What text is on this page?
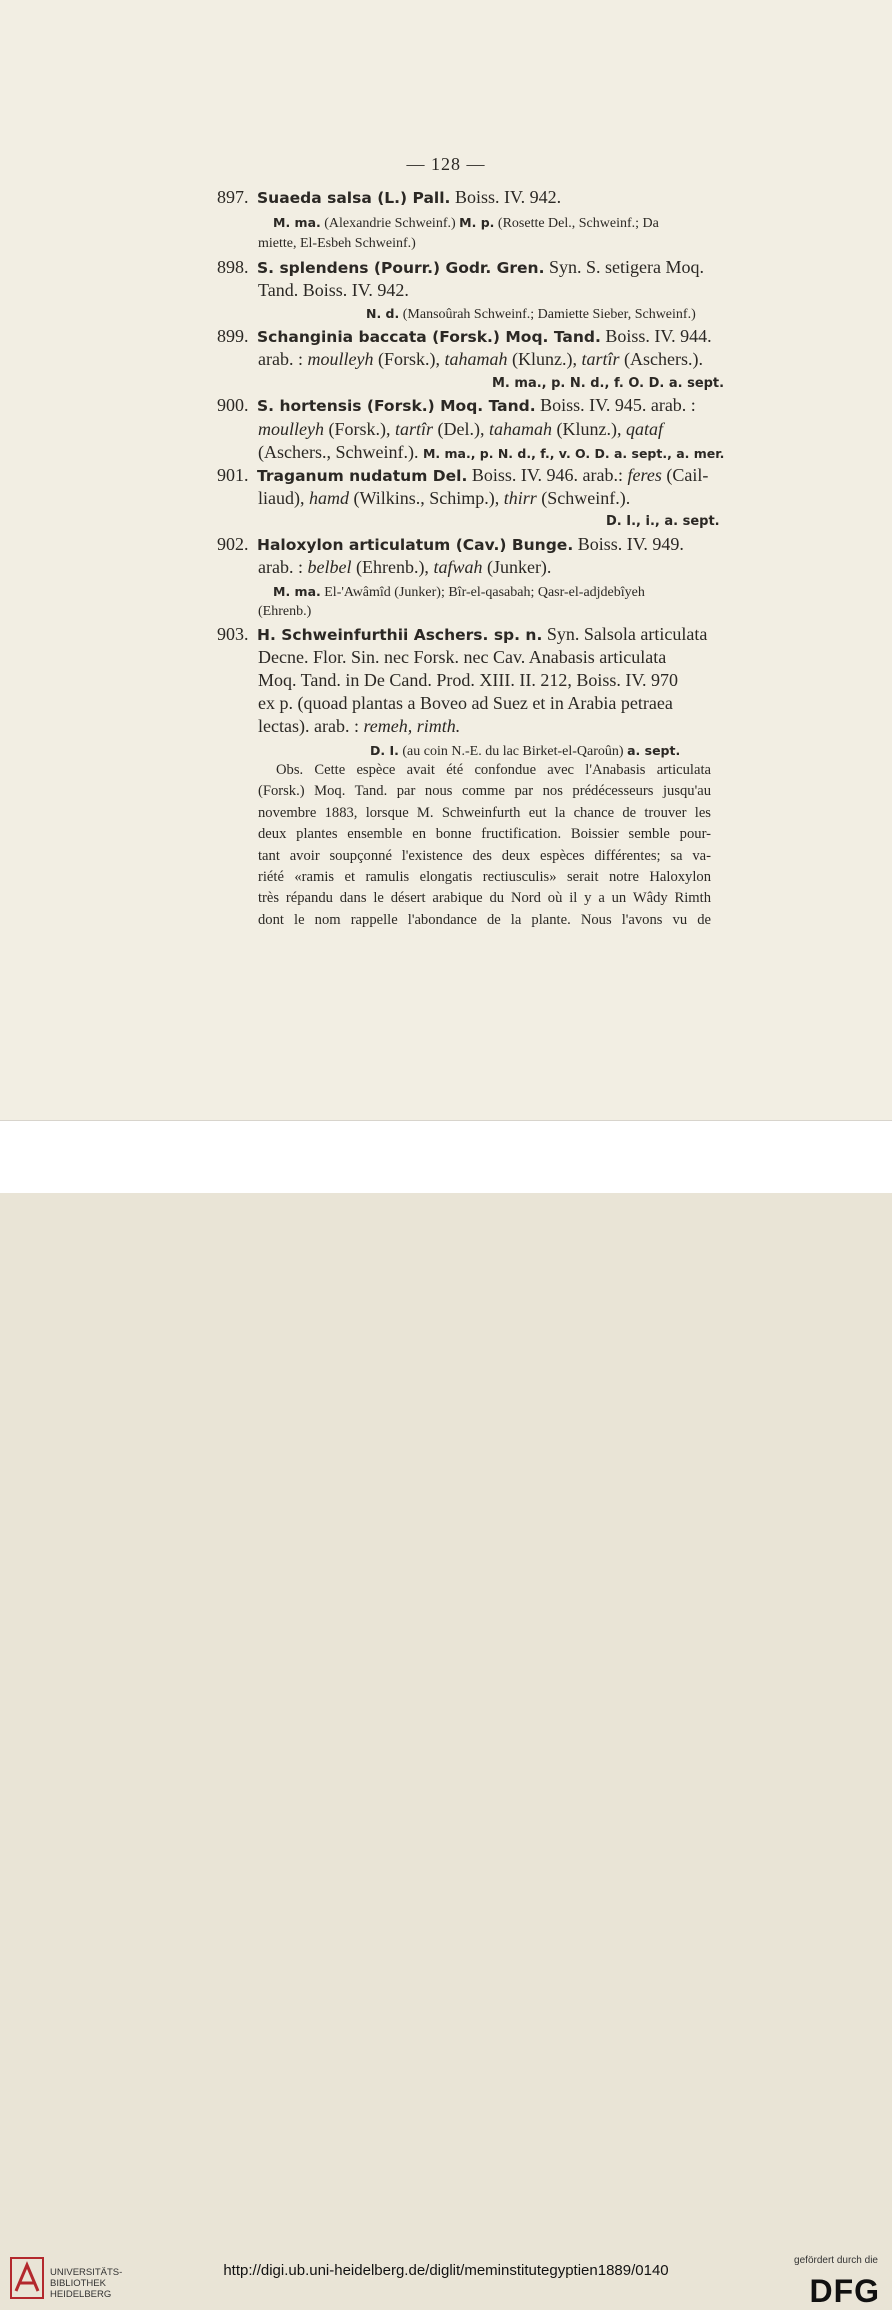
— 128 —
897. Suaeda salsa (L.) Pall. Boiss. IV. 942.
M. ma. (Alexandrie Schweinf.) M. p. (Rosette Del., Schweinf.; Da
miette, El-Esbeh Schweinf.)
898. S. splendens (Pourr.) Godr. Gren. Syn. S. setigera Moq.
Tand. Boiss. IV. 942.
N. d. (Mansoûrah Schweinf.; Damiette Sieber, Schweinf.)
899. Schanginia baccata (Forsk.) Moq. Tand. Boiss. IV. 944.
arab. : moulleyh (Forsk.), tahamah (Klunz.), tartîr (Aschers.).
M. ma., p. N. d., f. O. D. a. sept.
900. S. hortensis (Forsk.) Moq. Tand. Boiss. IV. 945. arab. :
moulleyh (Forsk.), tartîr (Del.), tahamah (Klunz.), qataf
(Aschers., Schweinf.). M. ma., p. N. d., f., v. O. D. a. sept., a. mer.
901. Traganum nudatum Del. Boiss. IV. 946. arab.: feres (Cail-
liaud), hamd (Wilkins., Schimp.), thirr (Schweinf.).
D. I., i., a. sept.
902. Haloxylon articulatum (Cav.) Bunge. Boiss. IV. 949.
arab. : belbel (Ehrenb.), tafwah (Junker).
M. ma. El-'Awâmîd (Junker); Bîr-el-qasabah; Qasr-el-adjdebîyeh
(Ehrenb.)
903. H. Schweinfurthii Aschers. sp. n. Syn. Salsola articulata
Decne. Flor. Sin. nec Forsk. nec Cav. Anabasis articulata
Moq. Tand. in De Cand. Prod. XIII. II. 212, Boiss. IV. 970
ex p. (quoad plantas a Boveo ad Suez et in Arabia petraea
lectas). arab. : remeh, rimth.
D. I. (au coin N.-E. du lac Birket-el-Qaroûn) a. sept.
Obs. Cette espèce avait été confondue avec l'Anabasis articulata
(Forsk.) Moq. Tand. par nous comme par nos prédécesseurs jusqu'au
novembre 1883, lorsque M. Schweinfurth eut la chance de trouver les
deux plantes ensemble en bonne fructification. Boissier semble pour-
tant avoir soupçonné l'existence des deux espèces différentes; sa va-
riété «ramis et ramulis elongatis rectiusculis» serait notre Haloxylon
très répandu dans le désert arabique du Nord où il y a un Wâdy Rimth
dont le nom rappelle l'abondance de la plante. Nous l'avons vu de
UNIVERSITÄTS-
BIBLIOTHEK
HEIDELBERG
http://digi.ub.uni-heidelberg.de/diglit/meminstitutegyptien1889/0140
gefördert durch die
DFG
